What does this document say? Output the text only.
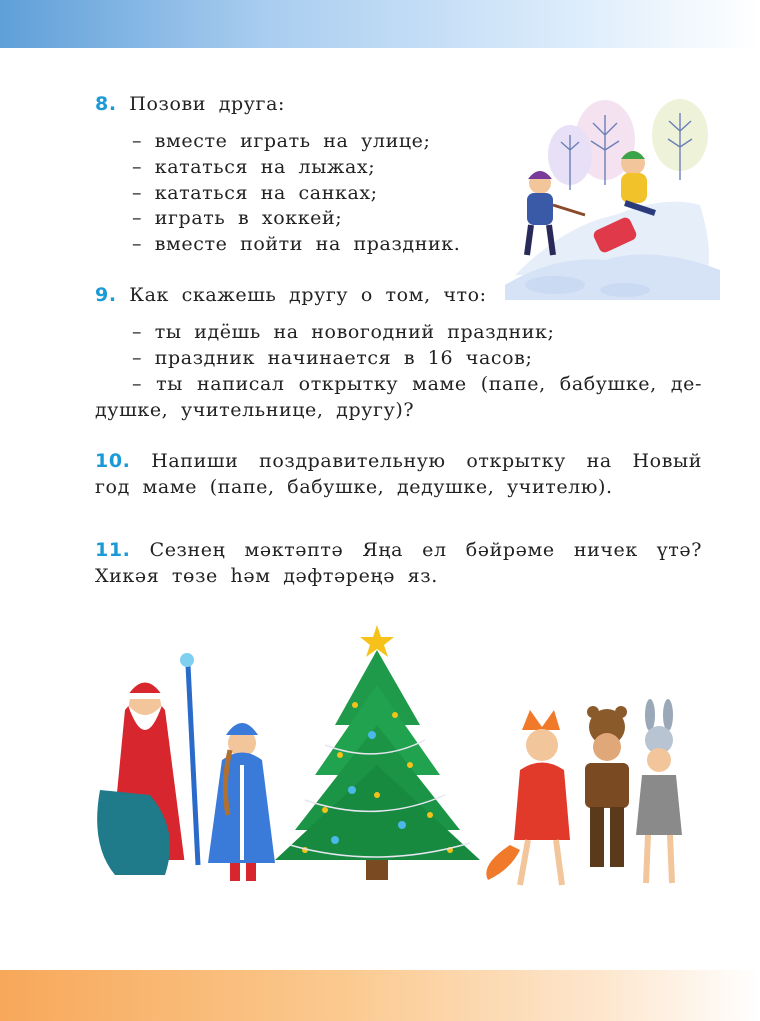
8. Позови друга:
– вместе играть на улице;
– кататься на лыжах;
– кататься на санках;
– играть в хоккей;
– вместе пойти на праздник.
9. Как скажешь другу о том, что:
– ты идёшь на новогодний праздник;
– праздник начинается в 16 часов;
– ты написал открытку маме (папе, бабушке, де-
душке, учительнице, другу)?
10. Напиши поздравительную открытку на Новый
год маме (папе, бабушке, дедушке, учителю).
11. Сезнең мәктәптә Яңа ел бәйрәме ничек үтә?
Хикәя төзе һәм дәфтәреңә яз.
